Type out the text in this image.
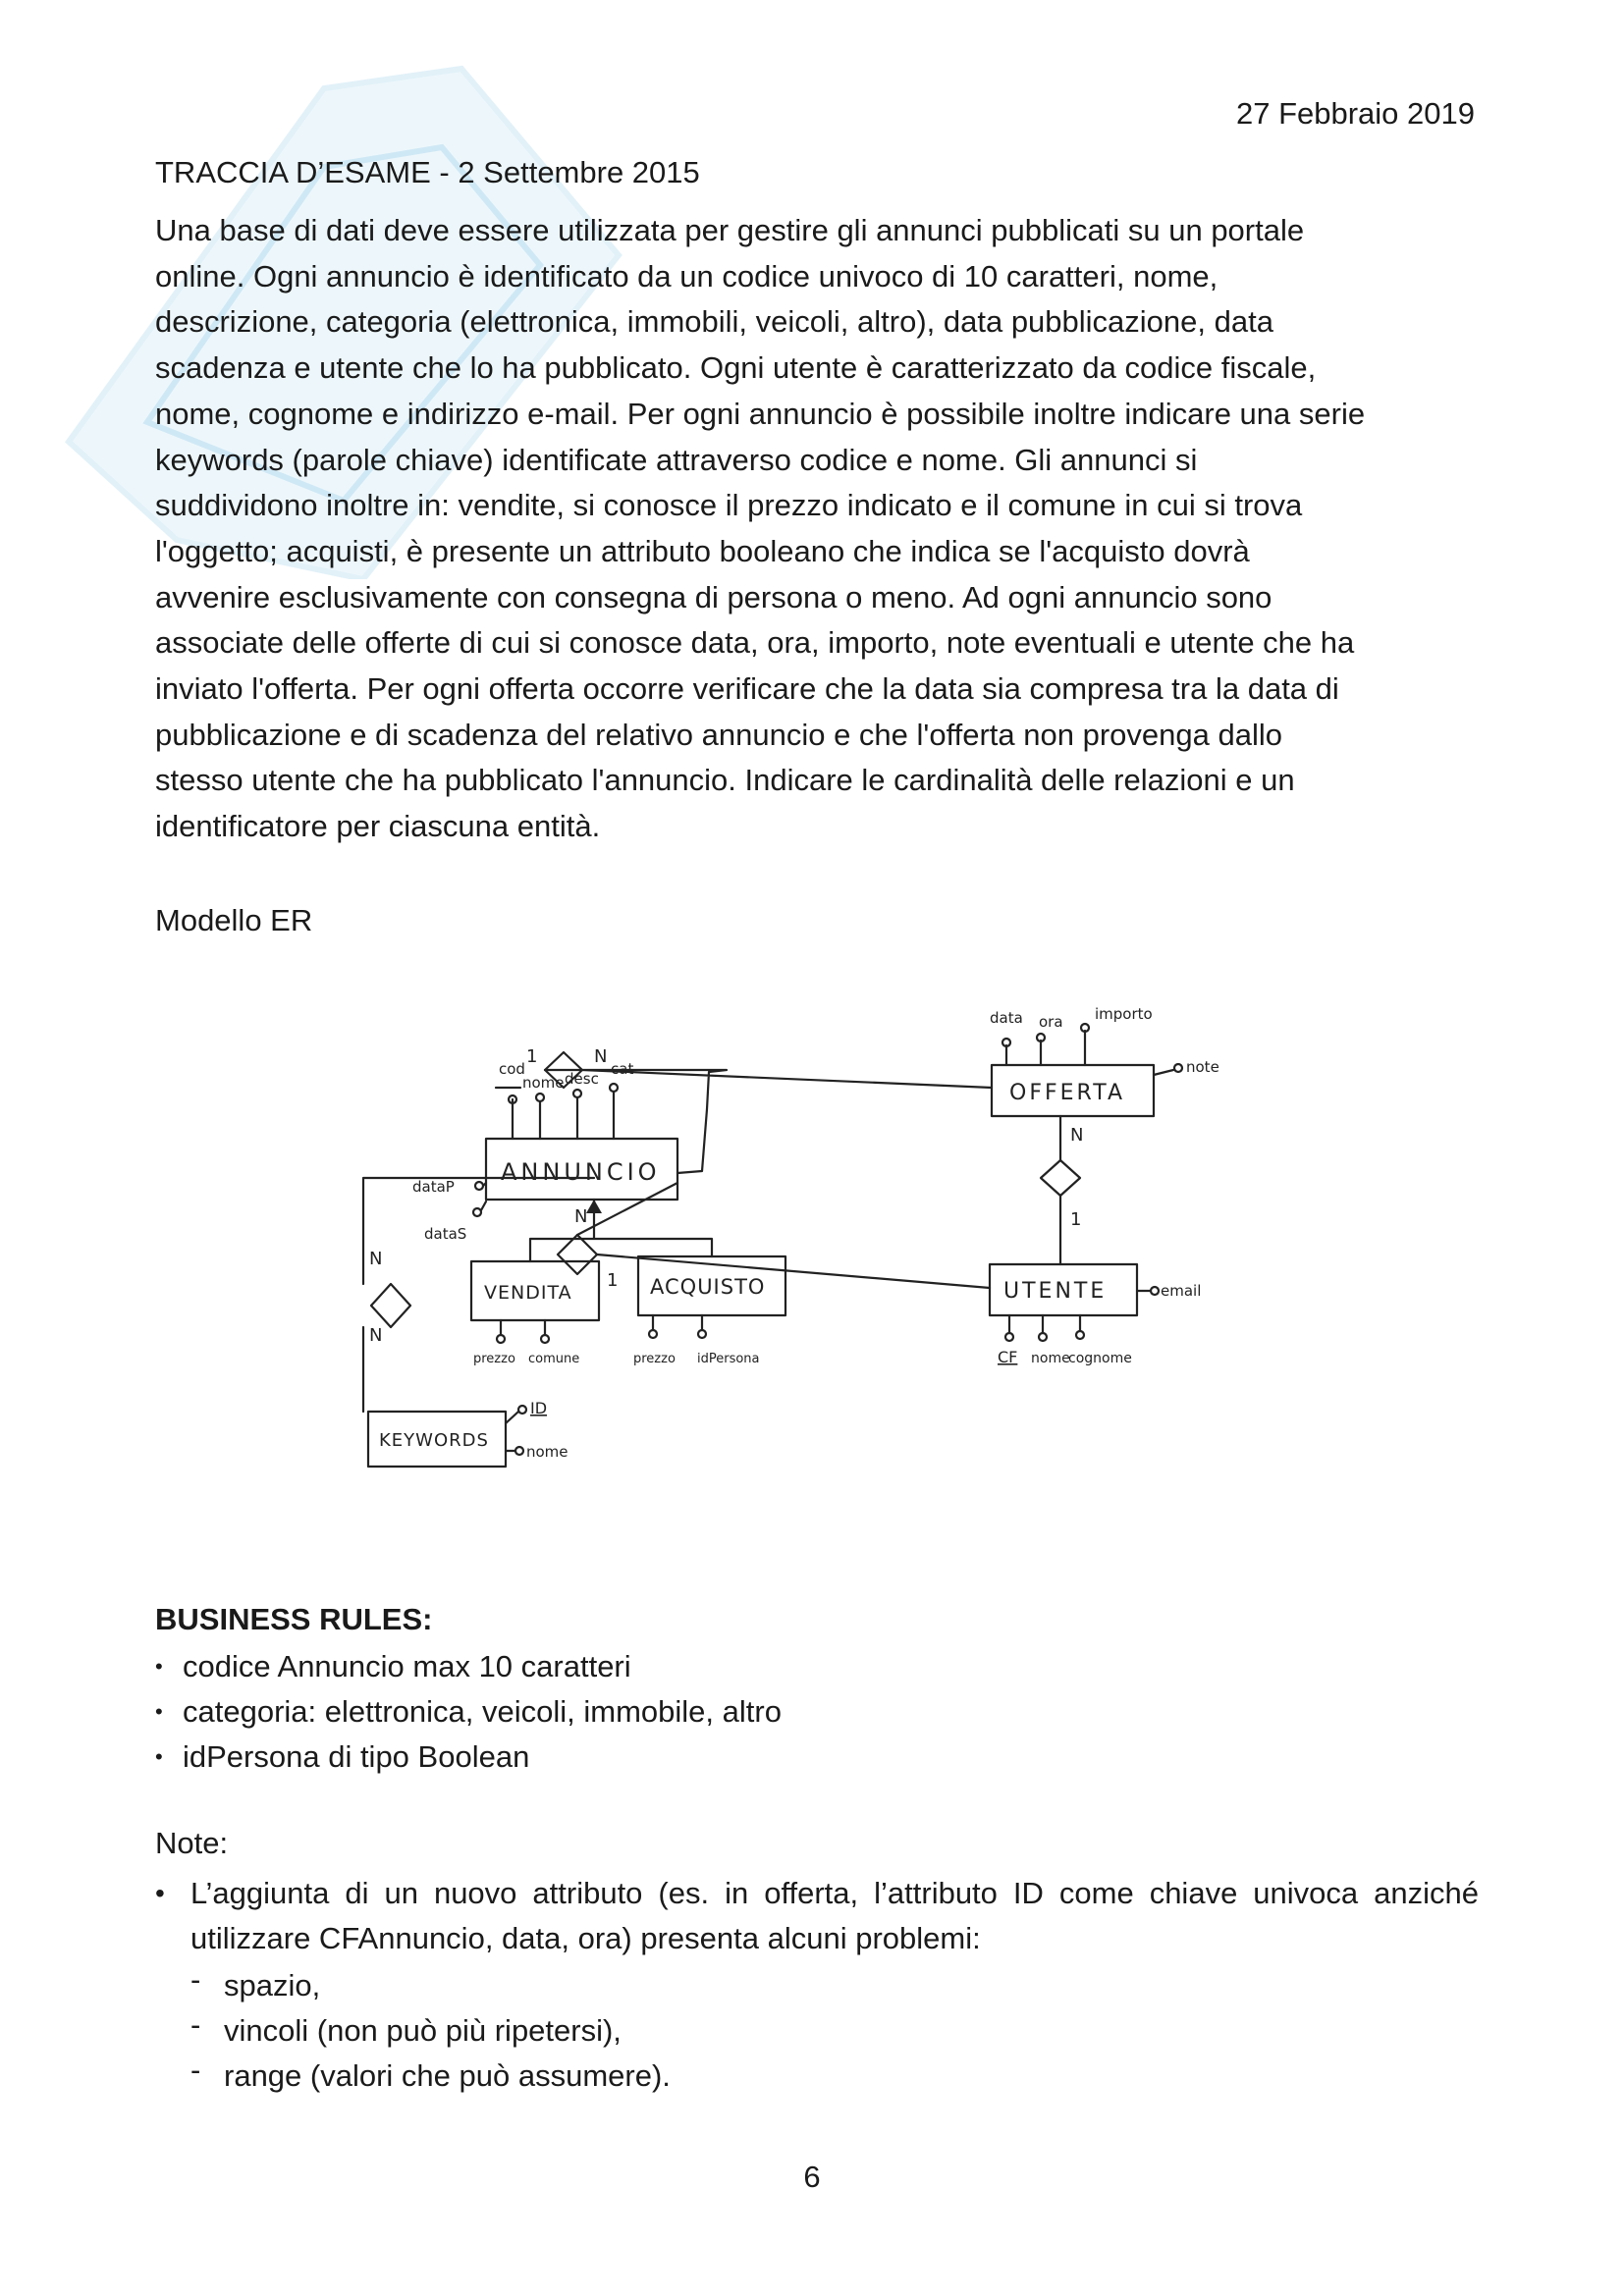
27 Febbraio 2019
TRACCIA D’ESAME - 2 Settembre 2015
Una base di dati deve essere utilizzata per gestire gli annunci pubblicati su un portale
online. Ogni annuncio è identificato da un codice univoco di 10 caratteri, nome,
descrizione, categoria (elettronica, immobili, veicoli, altro), data pubblicazione, data
scadenza e utente che lo ha pubblicato. Ogni utente è caratterizzato da codice fiscale,
nome, cognome e indirizzo e-mail. Per ogni annuncio è possibile inoltre indicare una serie
keywords (parole chiave) identificate attraverso codice e nome. Gli annunci si
suddividono inoltre in: vendite, si conosce il prezzo indicato e il comune in cui si trova
l'oggetto; acquisti, è presente un attributo booleano che indica se l'acquisto dovrà
avvenire esclusivamente con consegna di persona o meno. Ad ogni annuncio sono
associate delle offerte di cui si conosce data, ora, importo, note eventuali e utente che ha
inviato l'offerta. Per ogni offerta occorre verificare che la data sia compresa tra la data di
pubblicazione e di scadenza del relativo annuncio e che l'offerta non provenga dallo
stesso utente che ha pubblicato l'annuncio. Indicare le cardinalità delle relazioni e un
identificatore per ciascuna entità.
Modello ER
ANNUNCIO
OFFERTA
UTENTE
VENDITA	ACQUISTO
KEYWORDS
1	N
N
1
N
1
N
N
cod
nome desc
cat
dataP
dataS
data ora importo
note
CF nome
cognome
email
prezzo comune	prezzo idPersona
ID
nome
BUSINESS RULES:
• codice Annuncio max 10 caratteri
• categoria: elettronica, veicoli, immobile, altro
• idPersona di tipo Boolean
Note:
• L’aggiunta di un nuovo attributo (es. in offerta, l’attributo ID come chiave univoca anziché utilizzare CFAnnuncio, data, ora) presenta alcuni problemi:
- spazio,
- vincoli (non può più ripetersi),
- range (valori che può assumere).
6
